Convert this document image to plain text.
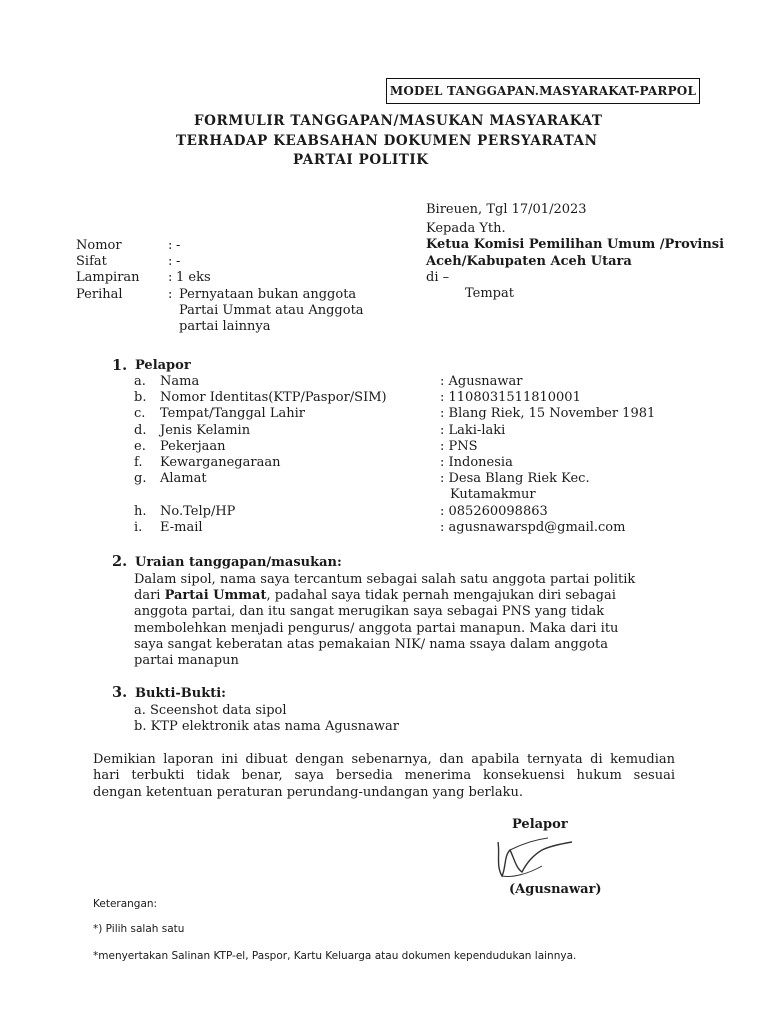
MODEL TANGGAPAN.MASYARAKAT-PARPOL
FORMULIR TANGGAPAN/MASUKAN MASYARAKAT
TERHADAP KEABSAHAN DOKUMEN PERSYARATAN
PARTAI POLITIK
Bireuen, Tgl 17/01/2023
Kepada Yth.
Ketua Komisi Pemilihan Umum /Provinsi
Aceh/Kabupaten Aceh Utara
di –
Tempat
Nomor	: -
Sifat	: -
Lampiran : 1 eks
Perihal	: Pernyataan bukan anggota
Partai Ummat atau Anggota
partai lainnya
1. Pelapor
a. Nama	: Agusnawar
b. Nomor Identitas(KTP/Paspor/SIM)	: 1108031511810001
c. Tempat/Tanggal Lahir	: Blang Riek, 15 November 1981
d. Jenis Kelamin	: Laki-laki
e. Pekerjaan	: PNS
f. Kewarganegaraan	: Indonesia
g. Alamat	: Desa Blang Riek Kec.
Kutamakmur
h. No.Telp/HP	: 085260098863
i. E-mail	: agusnawarspd@gmail.com
2. Uraian tanggapan/masukan:
Dalam sipol, nama saya tercantum sebagai salah satu anggota partai politik
dari Partai Ummat, padahal saya tidak pernah mengajukan diri sebagai
anggota partai, dan itu sangat merugikan saya sebagai PNS yang tidak
membolehkan menjadi pengurus/ anggota partai manapun. Maka dari itu
saya sangat keberatan atas pemakaian NIK/ nama ssaya dalam anggota
partai manapun
3. Bukti-Bukti:
a. Sceenshot data sipol
b. KTP elektronik atas nama Agusnawar
Demikian laporan ini dibuat dengan sebenarnya, dan apabila ternyata di kemudian
hari terbukti tidak benar, saya bersedia menerima konsekuensi hukum sesuai
dengan ketentuan peraturan perundang-undangan yang berlaku.
Pelapor
(Agusnawar)
Keterangan:
*) Pilih salah satu
*menyertakan Salinan KTP-el, Paspor, Kartu Keluarga atau dokumen kependudukan lainnya.
